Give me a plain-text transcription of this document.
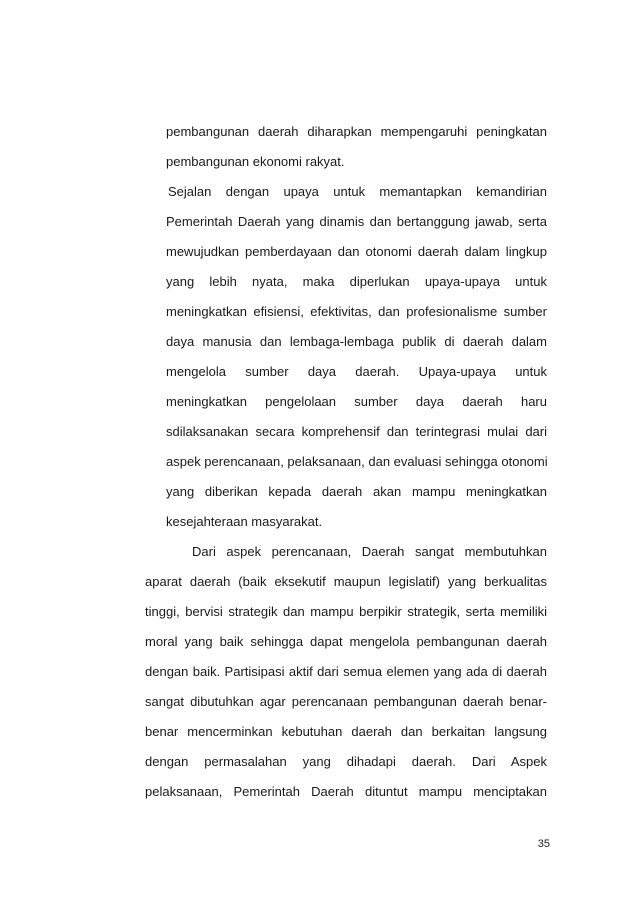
pembangunan daerah diharapkan mempengaruhi peningkatan
pembangunan ekonomi rakyat.
Sejalan dengan upaya untuk memantapkan kemandirian
Pemerintah Daerah yang dinamis dan bertanggung jawab, serta
mewujudkan pemberdayaan dan otonomi daerah dalam lingkup
yang lebih nyata, maka diperlukan upaya-upaya untuk
meningkatkan efisiensi, efektivitas, dan profesionalisme sumber
daya manusia dan lembaga-lembaga publik di daerah dalam
mengelola sumber daya daerah. Upaya-upaya untuk
meningkatkan pengelolaan sumber daya daerah haru
sdilaksanakan secara komprehensif dan terintegrasi mulai dari
aspek perencanaan, pelaksanaan, dan evaluasi sehingga otonomi
yang diberikan kepada daerah akan mampu meningkatkan
kesejahteraan masyarakat.
Dari aspek perencanaan, Daerah sangat membutuhkan
aparat daerah (baik eksekutif maupun legislatif) yang berkualitas
tinggi, bervisi strategik dan mampu berpikir strategik, serta memiliki
moral yang baik sehingga dapat mengelola pembangunan daerah
dengan baik. Partisipasi aktif dari semua elemen yang ada di daerah
sangat dibutuhkan agar perencanaan pembangunan daerah benar-
benar mencerminkan kebutuhan daerah dan berkaitan langsung
dengan permasalahan yang dihadapi daerah. Dari Aspek
pelaksanaan, Pemerintah Daerah dituntut mampu menciptakan
35
